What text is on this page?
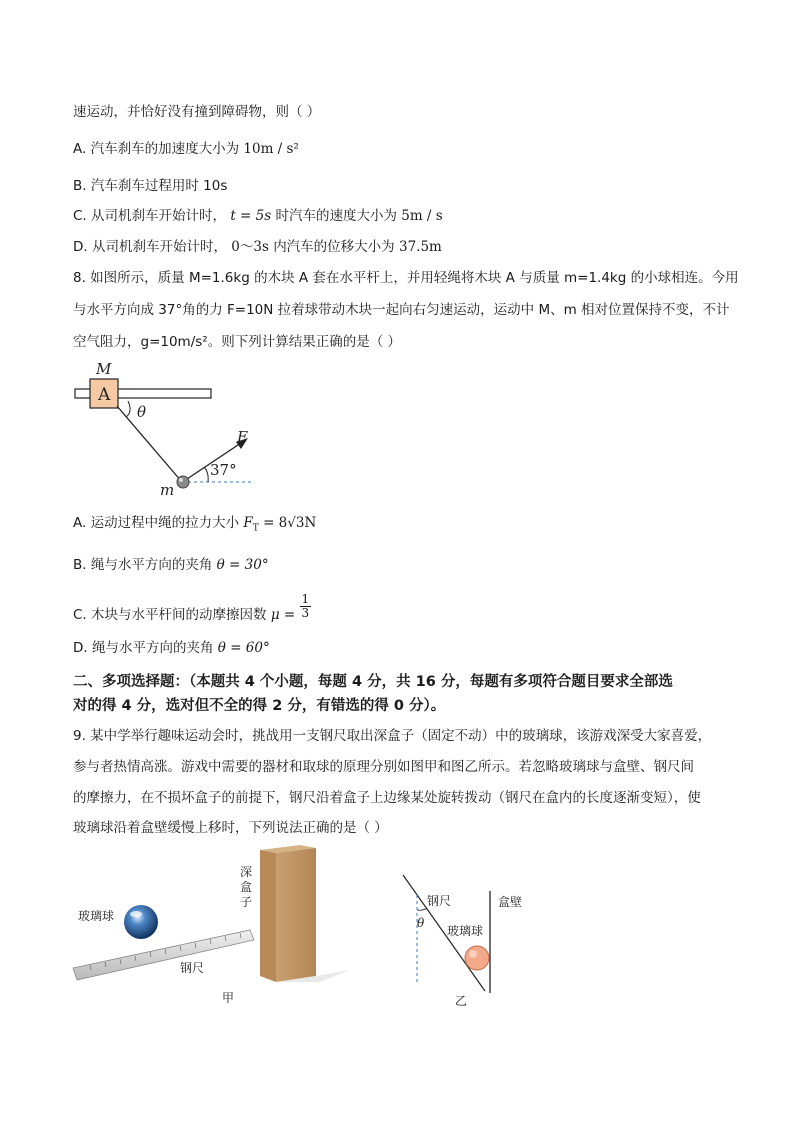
速运动，并恰好没有撞到障碍物，则（ ）
A. 汽车刹车的加速度大小为 10m / s²
B. 汽车刹车过程用时 10s
C. 从司机刹车开始计时， t = 5s 时汽车的速度大小为 5m / s
D. 从司机刹车开始计时， 0～3s 内汽车的位移大小为 37.5m
8. 如图所示，质量 M=1.6kg 的木块 A 套在水平杆上，并用轻绳将木块 A 与质量 m=1.4kg 的小球相连。今用
与水平方向成 37°角的力 F=10N 拉着球带动木块一起向右匀速运动，运动中 M、m 相对位置保持不变，不计
空气阻力，g=10m/s²。则下列计算结果正确的是（ ）
A
M
θ
F
37°
m
A. 运动过程中绳的拉力大小 $F_T = 8√3N$
B. 绳与水平方向的夹角 θ = 30°
C. 木块与水平杆间的动摩擦因数 $\mu = \frac{1}{3}$
D. 绳与水平方向的夹角 θ = 60°
二、多项选择题：（本题共 4 个小题，每题 4 分，共 16 分，每题有多项符合题目要求全部选
对的得 4 分，选对但不全的得 2 分，有错选的得 0 分）。
9. 某中学举行趣味运动会时，挑战用一支钢尺取出深盒子（固定不动）中的玻璃球，该游戏深受大家喜爱，
参与者热情高涨。游戏中需要的器材和取球的原理分别如图甲和图乙所示。若忽略玻璃球与盒壁、钢尺间
的摩擦力，在不损坏盒子的前提下，钢尺沿着盒子上边缘某处旋转拨动（钢尺在盒内的长度逐渐变短），使
玻璃球沿着盒壁缓慢上移时，下列说法正确的是（ ）
深
盒
子
玻璃球
钢尺
甲
θ
钢尺	盒壁
玻璃球
乙
